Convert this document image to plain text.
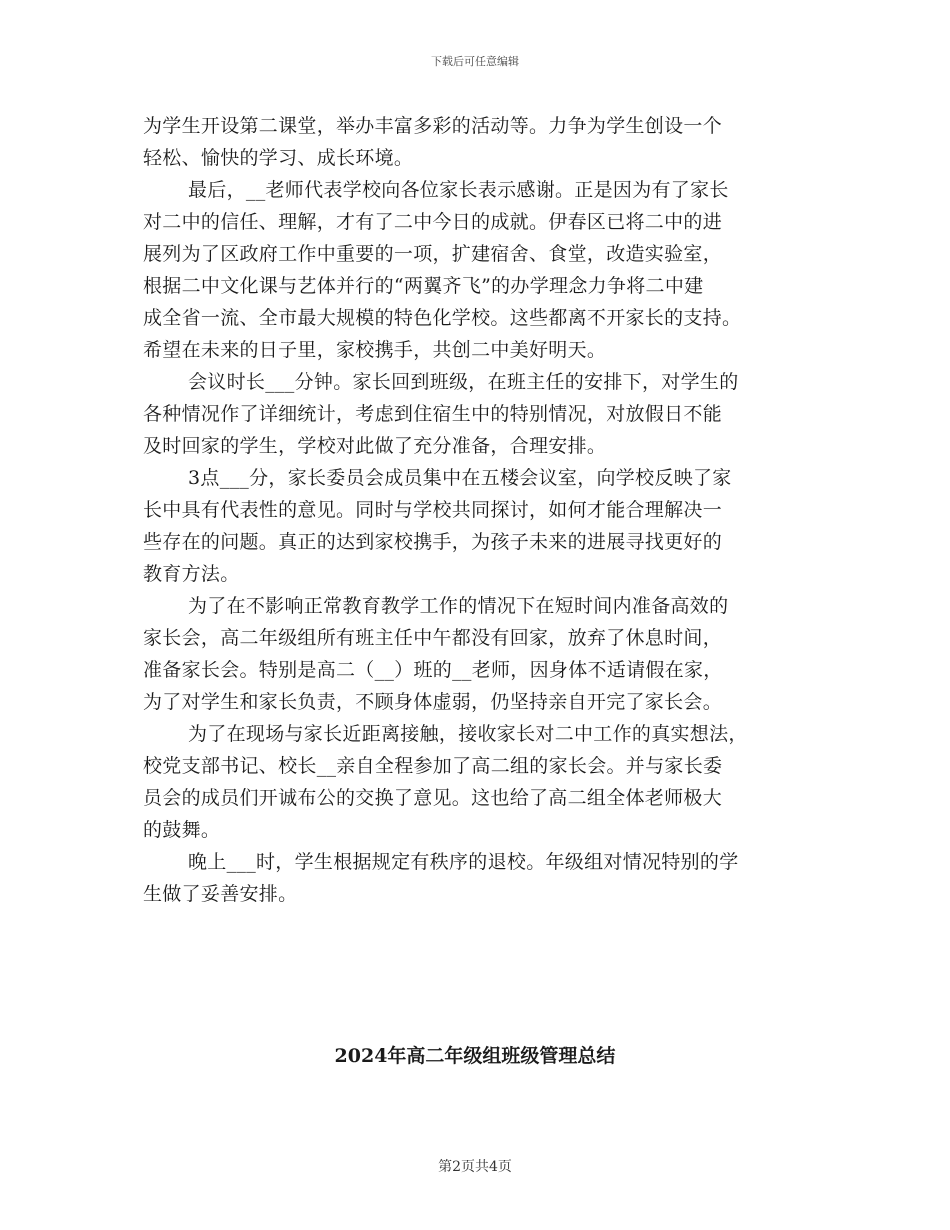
下载后可任意编辑
为学生开设第二课堂，举办丰富多彩的活动等。力争为学生创设一个
轻松、愉快的学习、成长环境。
最后，__老师代表学校向各位家长表示感谢。正是因为有了家长
对二中的信任、理解，才有了二中今日的成就。伊春区已将二中的进
展列为了区政府工作中重要的一项，扩建宿舍、食堂，改造实验室，
根据二中文化课与艺体并行的“两翼齐飞”的办学理念力争将二中建
成全省一流、全市最大规模的特色化学校。这些都离不开家长的支持。
希望在未来的日子里，家校携手，共创二中美好明天。
会议时长___分钟。家长回到班级，在班主任的安排下，对学生的
各种情况作了详细统计，考虑到住宿生中的特别情况，对放假日不能
及时回家的学生，学校对此做了充分准备，合理安排。
3点___分，家长委员会成员集中在五楼会议室，向学校反映了家
长中具有代表性的意见。同时与学校共同探讨，如何才能合理解决一
些存在的问题。真正的达到家校携手，为孩子未来的进展寻找更好的
教育方法。
为了在不影响正常教育教学工作的情况下在短时间内准备高效的
家长会，高二年级组所有班主任中午都没有回家，放弃了休息时间，
准备家长会。特别是高二（__）班的__老师，因身体不适请假在家，
为了对学生和家长负责，不顾身体虚弱，仍坚持亲自开完了家长会。
为了在现场与家长近距离接触，接收家长对二中工作的真实想法，
校党支部书记、校长__亲自全程参加了高二组的家长会。并与家长委
员会的成员们开诚布公的交换了意见。这也给了高二组全体老师极大
的鼓舞。
晚上___时，学生根据规定有秩序的退校。年级组对情况特别的学
生做了妥善安排。
2024年高二年级组班级管理总结
第2页共4页
